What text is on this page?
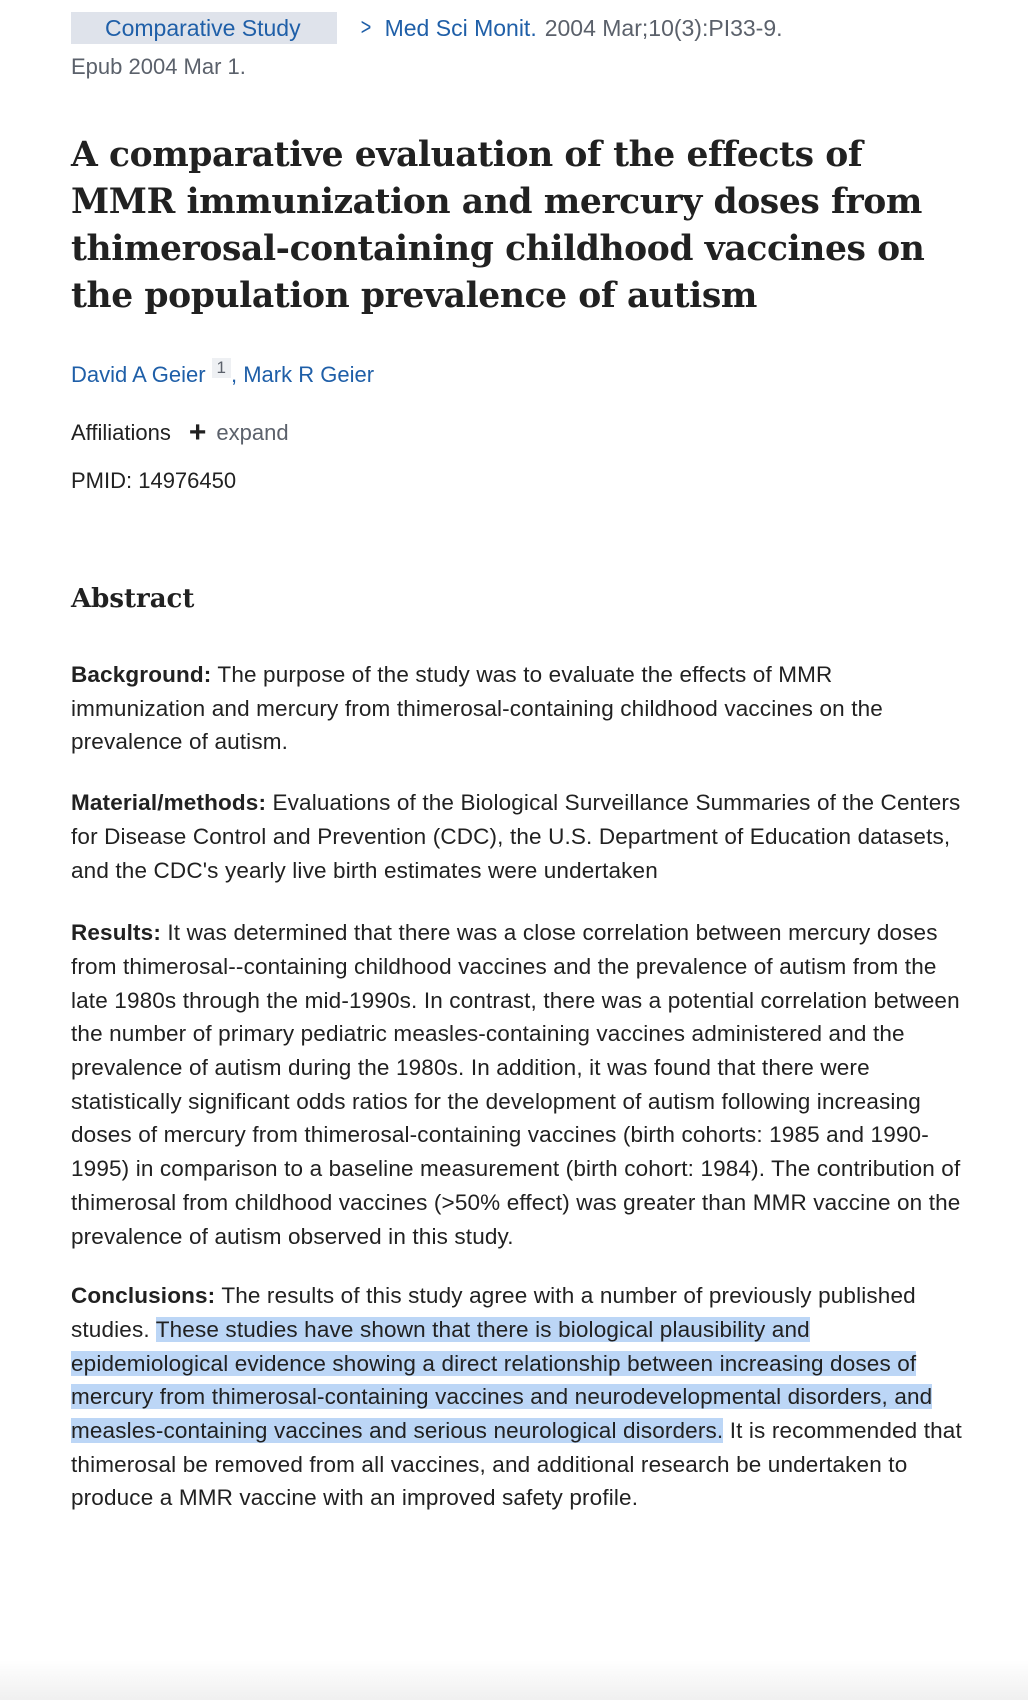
Comparative Study	> Med Sci Monit. 2004 Mar;10(3):PI33-9.
Epub 2004 Mar 1.
A comparative evaluation of the effects of MMR immunization and mercury doses from thimerosal-containing childhood vaccines on the population prevalence of autism
David A Geier 1 , Mark R Geier
Affiliations + expand
PMID: 14976450
Abstract

Background: The purpose of the study was to evaluate the effects of MMR immunization and mercury from thimerosal-containing childhood vaccines on the prevalence of autism.

Material/methods: Evaluations of the Biological Surveillance Summaries of the Centers for Disease Control and Prevention (CDC), the U.S. Department of Education datasets, and the CDC's yearly live birth estimates were undertaken

Results: It was determined that there was a close correlation between mercury doses from thimerosal--containing childhood vaccines and the prevalence of autism from the late 1980s through the mid-1990s. In contrast, there was a potential correlation between the number of primary pediatric measles-containing vaccines administered and the prevalence of autism during the 1980s. In addition, it was found that there were statistically significant odds ratios for the development of autism following increasing doses of mercury from thimerosal-containing vaccines (birth cohorts: 1985 and 1990-1995) in comparison to a baseline measurement (birth cohort: 1984). The contribution of thimerosal from childhood vaccines (>50% effect) was greater than MMR vaccine on the prevalence of autism observed in this study.

Conclusions: The results of this study agree with a number of previously published studies. These studies have shown that there is biological plausibility and epidemiological evidence showing a direct relationship between increasing doses of mercury from thimerosal-containing vaccines and neurodevelopmental disorders, and measles-containing vaccines and serious neurological disorders. It is recommended that thimerosal be removed from all vaccines, and additional research be undertaken to produce a MMR vaccine with an improved safety profile.
